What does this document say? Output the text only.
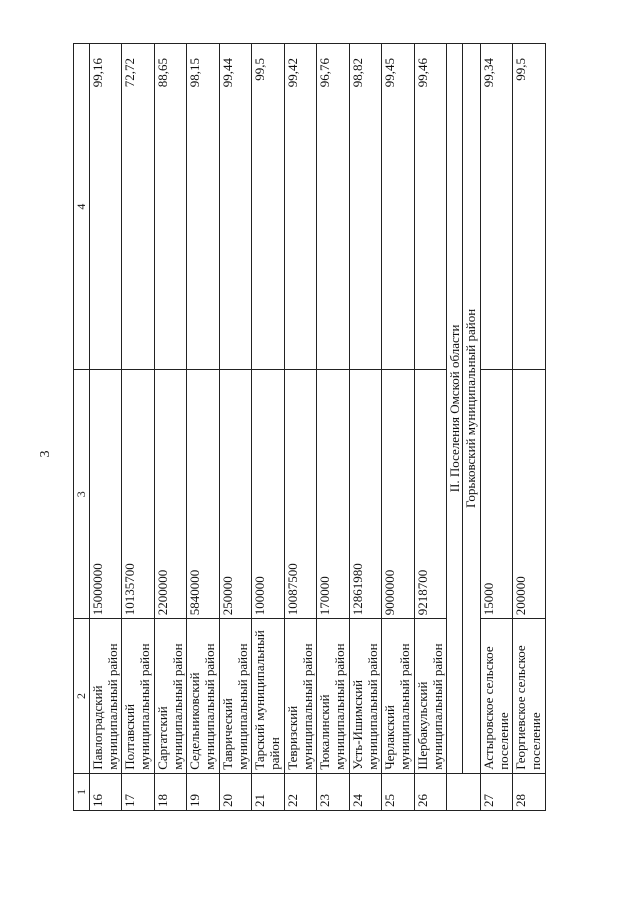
3
1	2	3	4
16	Павлоградский муниципальный район	15000000	99,16
17	Полтавский муниципальный район	10135700	72,72
18	Саргатский муниципальный район	2200000	88,65
19	Седельниковский муниципальный район	5840000	98,15
20	Таврический муниципальный район	250000	99,44
21	Тарский муниципальный район	100000	99,5
22	Тевризский муниципальный район	10087500	99,42
23	Тюкалинский муниципальный район	170000	96,76
24	Усть-Ишимский муниципальный район	12861980	98,82
25	Черлакский муниципальный район	9000000	99,45
26	Шербакульский муниципальный район	9218700	99,46

	II. Поселения Омской области Горьковский муниципальный район		

27	Астыровское сельское поселение	15000	99,34
28	Георгиевское сельское поселение	200000	99,5
